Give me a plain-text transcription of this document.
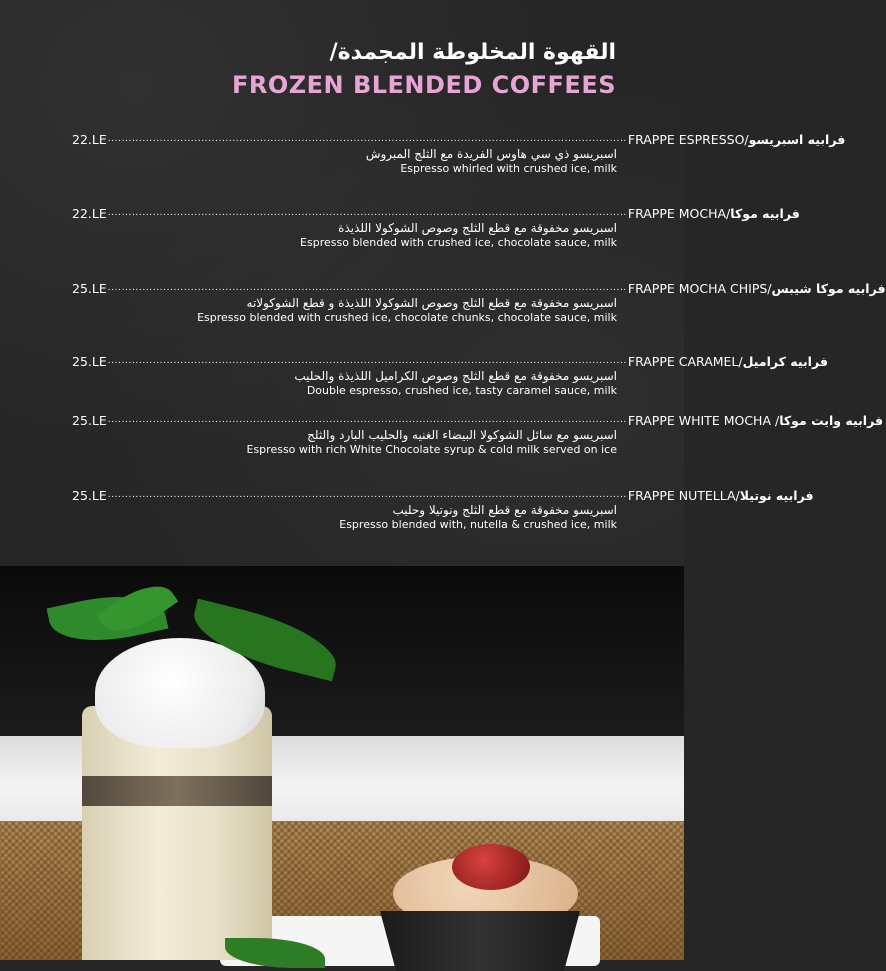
/القهوة المخلوطة المجمدة
FROZEN BLENDED COFFEES
22.LE ...................................................................................................................................................... FRAPPE ESPRESSO/ فرابيه اسبريسو
اسبريسو ذي سي هاوس الفريدة مع الثلج المبروش
Espresso whirled with crushed ice, milk
22.LE ...................................................................................................................................................... FRAPPE MOCHA/ فرابيه موكا
اسبريسو مخفوقة مع قطع الثلج وصوص الشوكولا اللذيذة
Espresso blended with crushed ice, chocolate sauce, milk
25.LE ...................................................................................................................................................... FRAPPE MOCHA CHIPS/ فرابيه موكا شيبس
اسبريسو مخفوقة مع قطع الثلج وصوص الشوكولا اللذيذة و قطع الشوكولاته
Espresso blended with crushed ice, chocolate chunks, chocolate sauce, milk
25.LE ...................................................................................................................................................... FRAPPE CARAMEL/ فرابيه كراميل
اسبريسو مخفوقة مع قطع الثلج وصوص الكراميل اللذيذة والحليب
Double espresso, crushed ice, tasty caramel sauce, milk
25.LE ...................................................................................................................................................... FRAPPE WHITE MOCHA / فرابيه وايت موكا
اسبريسو مع سائل الشوكولا البيضاء الغنيه والحليب البارد والثلج
Espresso with rich White Chocolate syrup & cold milk served on ice
25.LE ...................................................................................................................................................... FRAPPE NUTELLA/ فرابيه نوتيلا
اسبريسو مخفوقة مع قطع الثلج ونوتيلا وحليب
Espresso blended with, nutella & crushed ice, milk
